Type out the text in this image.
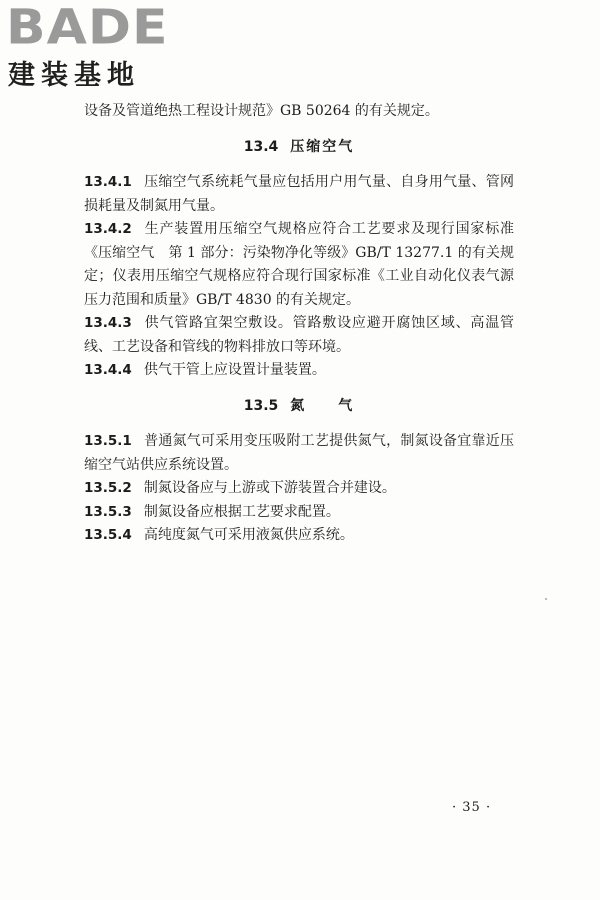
BADE
建装基地

设备及管道绝热工程设计规范》GB 50264 的有关规定。

13.4 压缩空气

13.4.1 压缩空气系统耗气量应包括用户用气量、自身用气量、管网损耗量及制氮用气量。

13.4.2 生产装置用压缩空气规格应符合工艺要求及现行国家标准《压缩空气　第 1 部分：污染物净化等级》GB/T 13277.1 的有关规定；仪表用压缩空气规格应符合现行国家标准《工业自动化仪表气源压力范围和质量》GB/T 4830 的有关规定。

13.4.3 供气管路宜架空敷设。管路敷设应避开腐蚀区域、高温管线、工艺设备和管线的物料排放口等环境。

13.4.4 供气干管上应设置计量装置。

13.5 氮　　气

13.5.1 普通氮气可采用变压吸附工艺提供氮气，制氮设备宜靠近压缩空气站供应系统设置。

13.5.2 制氮设备应与上游或下游装置合并建设。

13.5.3 制氮设备应根据工艺要求配置。

13.5.4 高纯度氮气可采用液氮供应系统。

· 35 ·
